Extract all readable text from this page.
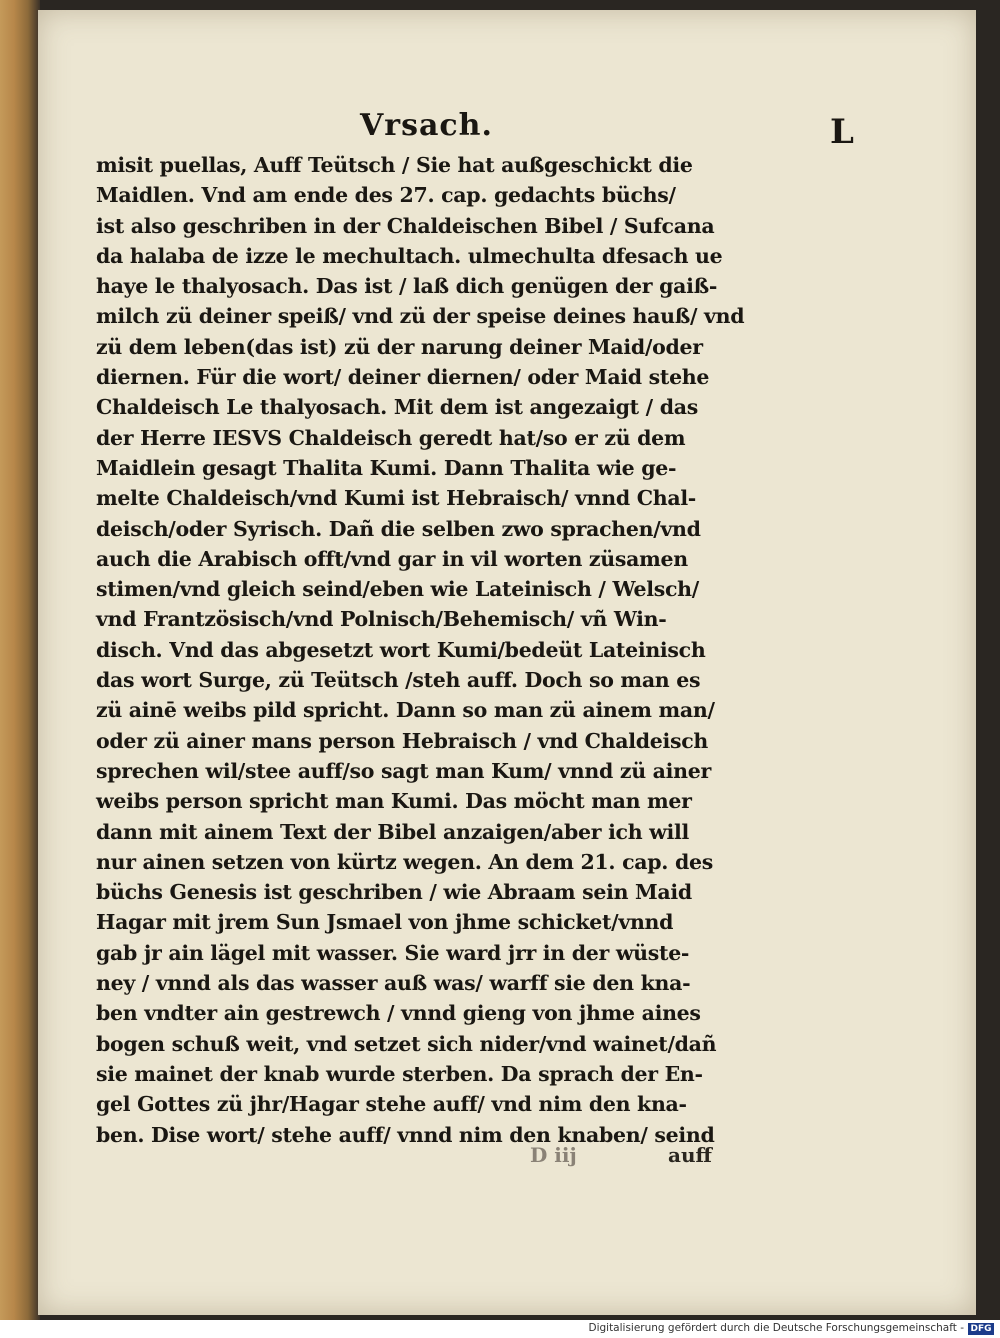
Vrsach.	L
misit puellas, Auff Teütsch / Sie hat außgeschickt die
Maidlen. Vnd am ende des 27. cap. gedachts büchs/
ist also geschriben in der Chaldeischen Bibel / Sufcana
da halaba de izze le mechultach. ulmechulta dfesach ue
haye le thalyosach. Das ist / laß dich genügen der gaiß-
milch zü deiner speiß/ vnd zü der speise deines hauß/ vnd
zü dem leben(das ist) zü der narung deiner Maid/oder
diernen. Für die wort/ deiner diernen/ oder Maid stehe
Chaldeisch Le thalyosach. Mit dem ist angezaigt / das
der Herre IESVS Chaldeisch geredt hat/so er zü dem
Maidlein gesagt Thalita Kumi. Dann Thalita wie ge-
melte Chaldeisch/vnd Kumi ist Hebraisch/ vnnd Chal-
deisch/oder Syrisch. Dañ die selben zwo sprachen/vnd
auch die Arabisch offt/vnd gar in vil worten züsamen
stimen/vnd gleich seind/eben wie Lateinisch / Welsch/
vnd Frantzösisch/vnd Polnisch/Behemisch/ vñ Win-
disch. Vnd das abgesetzt wort Kumi/bedeüt Lateinisch
das wort Surge, zü Teütsch /steh auff. Doch so man es
zü ainē weibs pild spricht. Dann so man zü ainem man/
oder zü ainer mans person Hebraisch / vnd Chaldeisch
sprechen wil/stee auff/so sagt man Kum/ vnnd zü ainer
weibs person spricht man Kumi. Das möcht man mer
dann mit ainem Text der Bibel anzaigen/aber ich will
nur ainen setzen von kürtz wegen. An dem 21. cap. des
büchs Genesis ist geschriben / wie Abraam sein Maid
Hagar mit jrem Sun Jsmael von jhme schicket/vnnd
gab jr ain lägel mit wasser. Sie ward jrr in der wüste-
ney / vnnd als das wasser auß was/ warff sie den kna-
ben vndter ain gestrewch / vnnd gieng von jhme aines
bogen schuß weit, vnd setzet sich nider/vnd wainet/dañ
sie mainet der knab wurde sterben. Da sprach der En-
gel Gottes zü jhr/Hagar stehe auff/ vnd nim den kna-
ben. Dise wort/ stehe auff/ vnnd nim den knaben/ seind
D iij	auff
Digitalisierung gefördert durch die Deutsche Forschungsgemeinschaft - DFG
